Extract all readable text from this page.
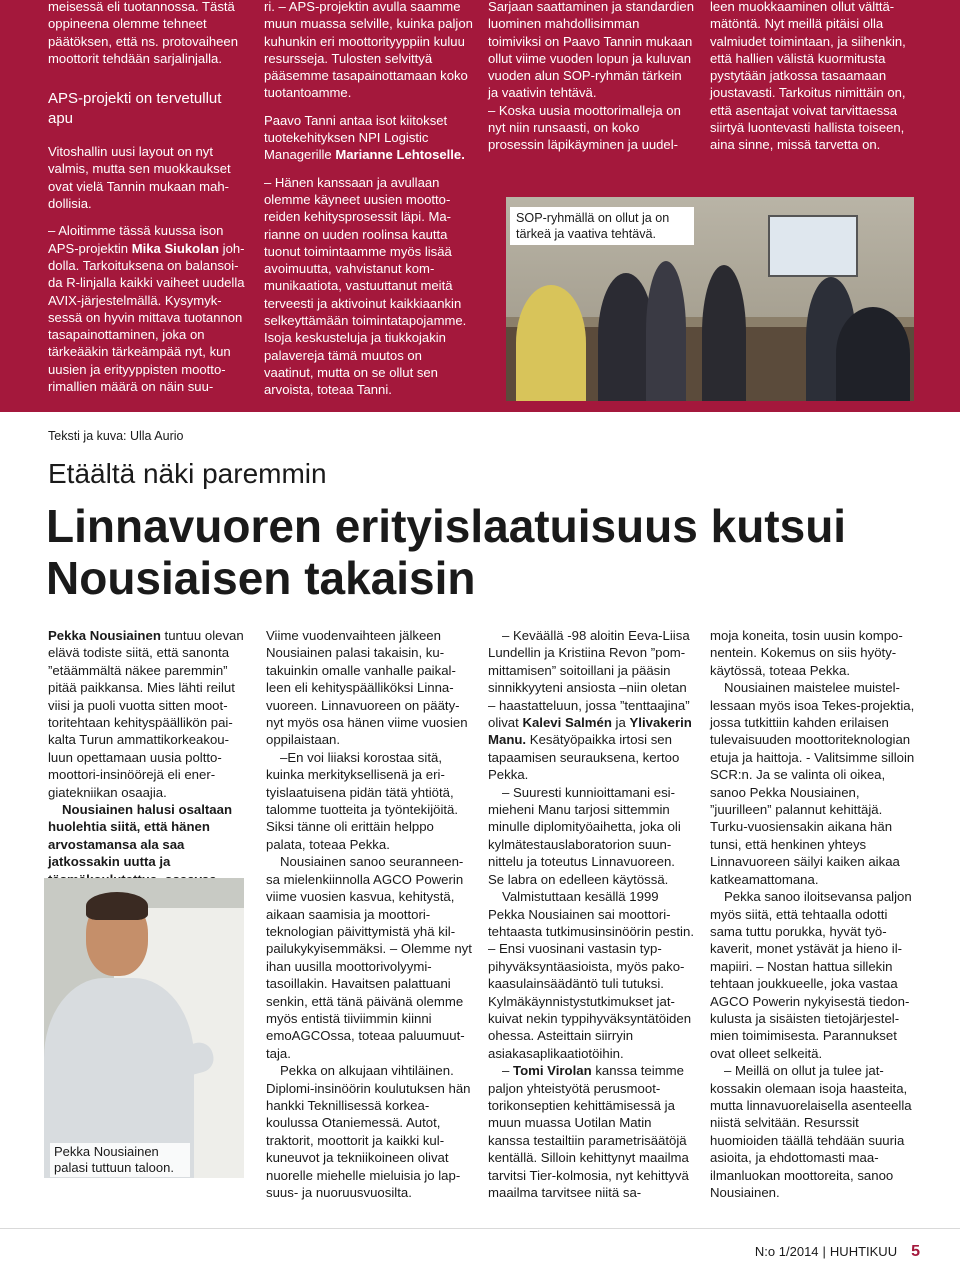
meisessä eli tuotannossa. Tästä oppineena olemme tehneet päätöksen, että ns. protovaiheen moottorit tehdään sarjalinjalla.

APS-projekti on tervetullut apu

Vitoshallin uusi layout on nyt valmis, mutta sen muokkaukset ovat vielä Tannin mukaan mahdollisia.

– Aloitimme tässä kuussa ison APS-projektin Mika Siukolan johdolla. Tarkoituksena on balansoida R-linjalla kaikki vaiheet uudella AVIX-järjestelmällä. Kysymyksessä on hyvin mittava tuotannon tasapainottaminen, joka on tärkeääkin tärkeämpää nyt, kun uusien ja erityyppisten moottorimallien määrä on näin suu-

ri. – APS-projektin avulla saamme muun muassa selville, kuinka paljon kuhunkin eri moottorityyppiin kuluu resursseja. Tulosten selvittyä pääsemme tasapainottamaan koko tuotantoamme.

Paavo Tanni antaa isot kiitokset tuotekehityksen NPI Logistic Managerille Marianne Lehtoselle.

– Hänen kanssaan ja avullaan olemme käyneet uusien moottoreiden kehitysprosessit läpi. Marianne on uuden roolinsa kautta tuonut toimintaamme myös lisää avoimuutta, vahvistanut kommunikaatiota, vastuuttanut meitä terveesti ja aktivoinut kaikkiaankin selkeyttämään toimintatapojamme. Isoja keskusteluja ja tiukkojakin palavereja tämä muutos on vaatinut, mutta on se ollut sen arvoista, toteaa Tanni.

Sarjaan saattaminen ja standardien luominen mahdollisimman toimiviksi on Paavo Tannin mukaan ollut viime vuoden lopun ja kuluvan vuoden alun SOP-ryhmän tärkein ja vaativin tehtävä.

– Koska uusia moottorimalleja on nyt niin runsaasti, on koko prosessin läpikäyminen ja uudel-

leen muokkaaminen ollut välttämätöntä. Nyt meillä pitäisi olla valmiudet toimintaan, ja siihenkin, että hallien välistä kuormitusta pystytään jatkossa tasaamaan joustavasti. Tarkoitus nimittäin on, että asentajat voivat tarvittaessa siirtyä luontevasti hallista toiseen, aina sinne, missä tarvetta on.

SOP-ryhmällä on ollut ja on tärkeä ja vaativa tehtävä.
Teksti ja kuva: Ulla Aurio
Etäältä näki paremmin
Linnavuoren erityislaatuisuus kutsui Nousiaisen takaisin

Pekka Nousiainen tuntuu olevan elävä todiste siitä, että sanonta ”etäämmältä näkee paremmin” pitää paikkansa. Mies lähti reilut viisi ja puoli vuotta sitten moottoritehtaan kehityspäällikön paikalta Turun ammattikorkeakouluun opettamaan uusia polttomoottori-insinöörejä eli energiatekniikan osaajia.

Nousiainen halusi osaltaan huolehtia siitä, että hänen arvostamansa ala saa jatkossakin uutta ja

Pekka Nousiainen palasi tuttuun taloon.

Viime vuodenvaihteen jälkeen Nousiainen palasi takaisin, kutakuinkin omalle vanhalle paikalleen eli kehityspäälliköksi Linnavuoreen. Linnavuoreen on päätynyt myös osa hänen viime vuosien oppilaistaan.

–En voi liiaksi korostaa sitä, kuinka merkityksellisenä ja erityislaatuisena pidän tätä yhtiötä, talomme tuotteita ja työntekijöitä. Siksi tänne oli erittäin helppo palata, toteaa Pekka.

Nousiainen sanoo seuranneensa mielenkiinnolla AGCO Powerin viime vuosien kasvua, kehitystä, aikaan saamisia ja moottoriteknologian päivittymistä yhä kilpailukykyisemmäksi. – Olemme nyt ihan uusilla moottorivolyymitasoillakin. Havaitsen palattuani senkin, että tänä päivänä olemme myös entistä tiiviimmin kiinni emoAGCOssa, toteaa paluumuuttaja.

Pekka on alkujaan vihtiläinen. Diplomi-insinöörin koulutuksen hän hankki Teknillisessä korkeakoulussa Otaniemessä. Autot, traktorit, moottorit ja kaikki kulkuneuvot ja tekniikoineen olivat nuorelle miehelle mieluisia jo lapsuus- ja nuoruusvuosilta.

– Keväällä -98 aloitin Eeva-Liisa Lundellin ja Kristiina Revon ”pommittamisen” soitoillani ja pääsin sinnikkyyteni ansiosta –niin oletan – haastatteluun, jossa ”tenttaajina” olivat Kalevi Salmén ja Ylivakerin Manu. Kesätyöpaikka irtosi sen tapaamisen seurauksena, kertoo Pekka.

– Suuresti kunnioittamani esimieheni Manu tarjosi sittemmin minulle diplomityöaihetta, joka oli kylmätestauslaboratorion suunnittelu ja toteutus Linnavuoreen. Se labra on edelleen käytössä.

Valmistuttaan kesällä 1999 Pekka Nousiainen sai moottoritehtaasta tutkimusinsinöörin pestin. – Ensi vuosinani vastasin typpihyväksyntäasioista, myös pakokaasulainsäädäntö tuli tutuksi. Kylmäkäynnistystutkimukset jatkuivat nekin typpihyväksyntätöiden ohessa. Asteittain siirryin asiakasaplikaatiotöihin.

– Tomi Virolan kanssa teimme paljon yhteistyötä perusmoottorikonseptien kehittämisessä ja muun muassa Uotilan Matin kanssa testailtiin parametrisäätöjä kentällä. Silloin kehittynyt maailma tarvitsi Tier-kolmosia, nyt kehittyvä maailma tarvitsee niitä sa-

moja koneita, tosin uusin komponentein. Kokemus on siis hyötykäytössä, toteaa Pekka.

Nousiainen maistelee muistellessaan myös isoa Tekes-projektia, jossa tutkittiin kahden erilaisen tulevaisuuden moottoriteknologian etuja ja haittoja. - Valitsimme silloin SCR:n. Ja se valinta oli oikea, sanoo Pekka Nousiainen, ”juurilleen” palannut kehittäjä. Turku-vuosiensakin aikana hän tunsi, että henkinen yhteys Linnavuoreen säilyi kaiken aikaa katkeamattomana.

Pekka sanoo iloitsevansa paljon myös siitä, että tehtaalla odotti sama tuttu porukka, hyvät työkaverit, monet ystävät ja hieno ilmapiiri. – Nostan hattua sillekin tehtaan joukkueelle, joka vastaa AGCO Powerin nykyisestä tiedonkulusta ja sisäisten tietojärjestelmien toimimisesta. Parannukset ovat olleet selkeitä.

– Meillä on ollut ja tulee jatkossakin olemaan isoja haasteita, mutta linnavuorelaisella asenteella niistä selvitään. Resurssit huomioiden täällä tehdään suuria asioita, ja ehdottomasti maailmanluokan moottoreita, sanoo Nousiainen.

N:o 1/2014 | HUHTIKUU 5
